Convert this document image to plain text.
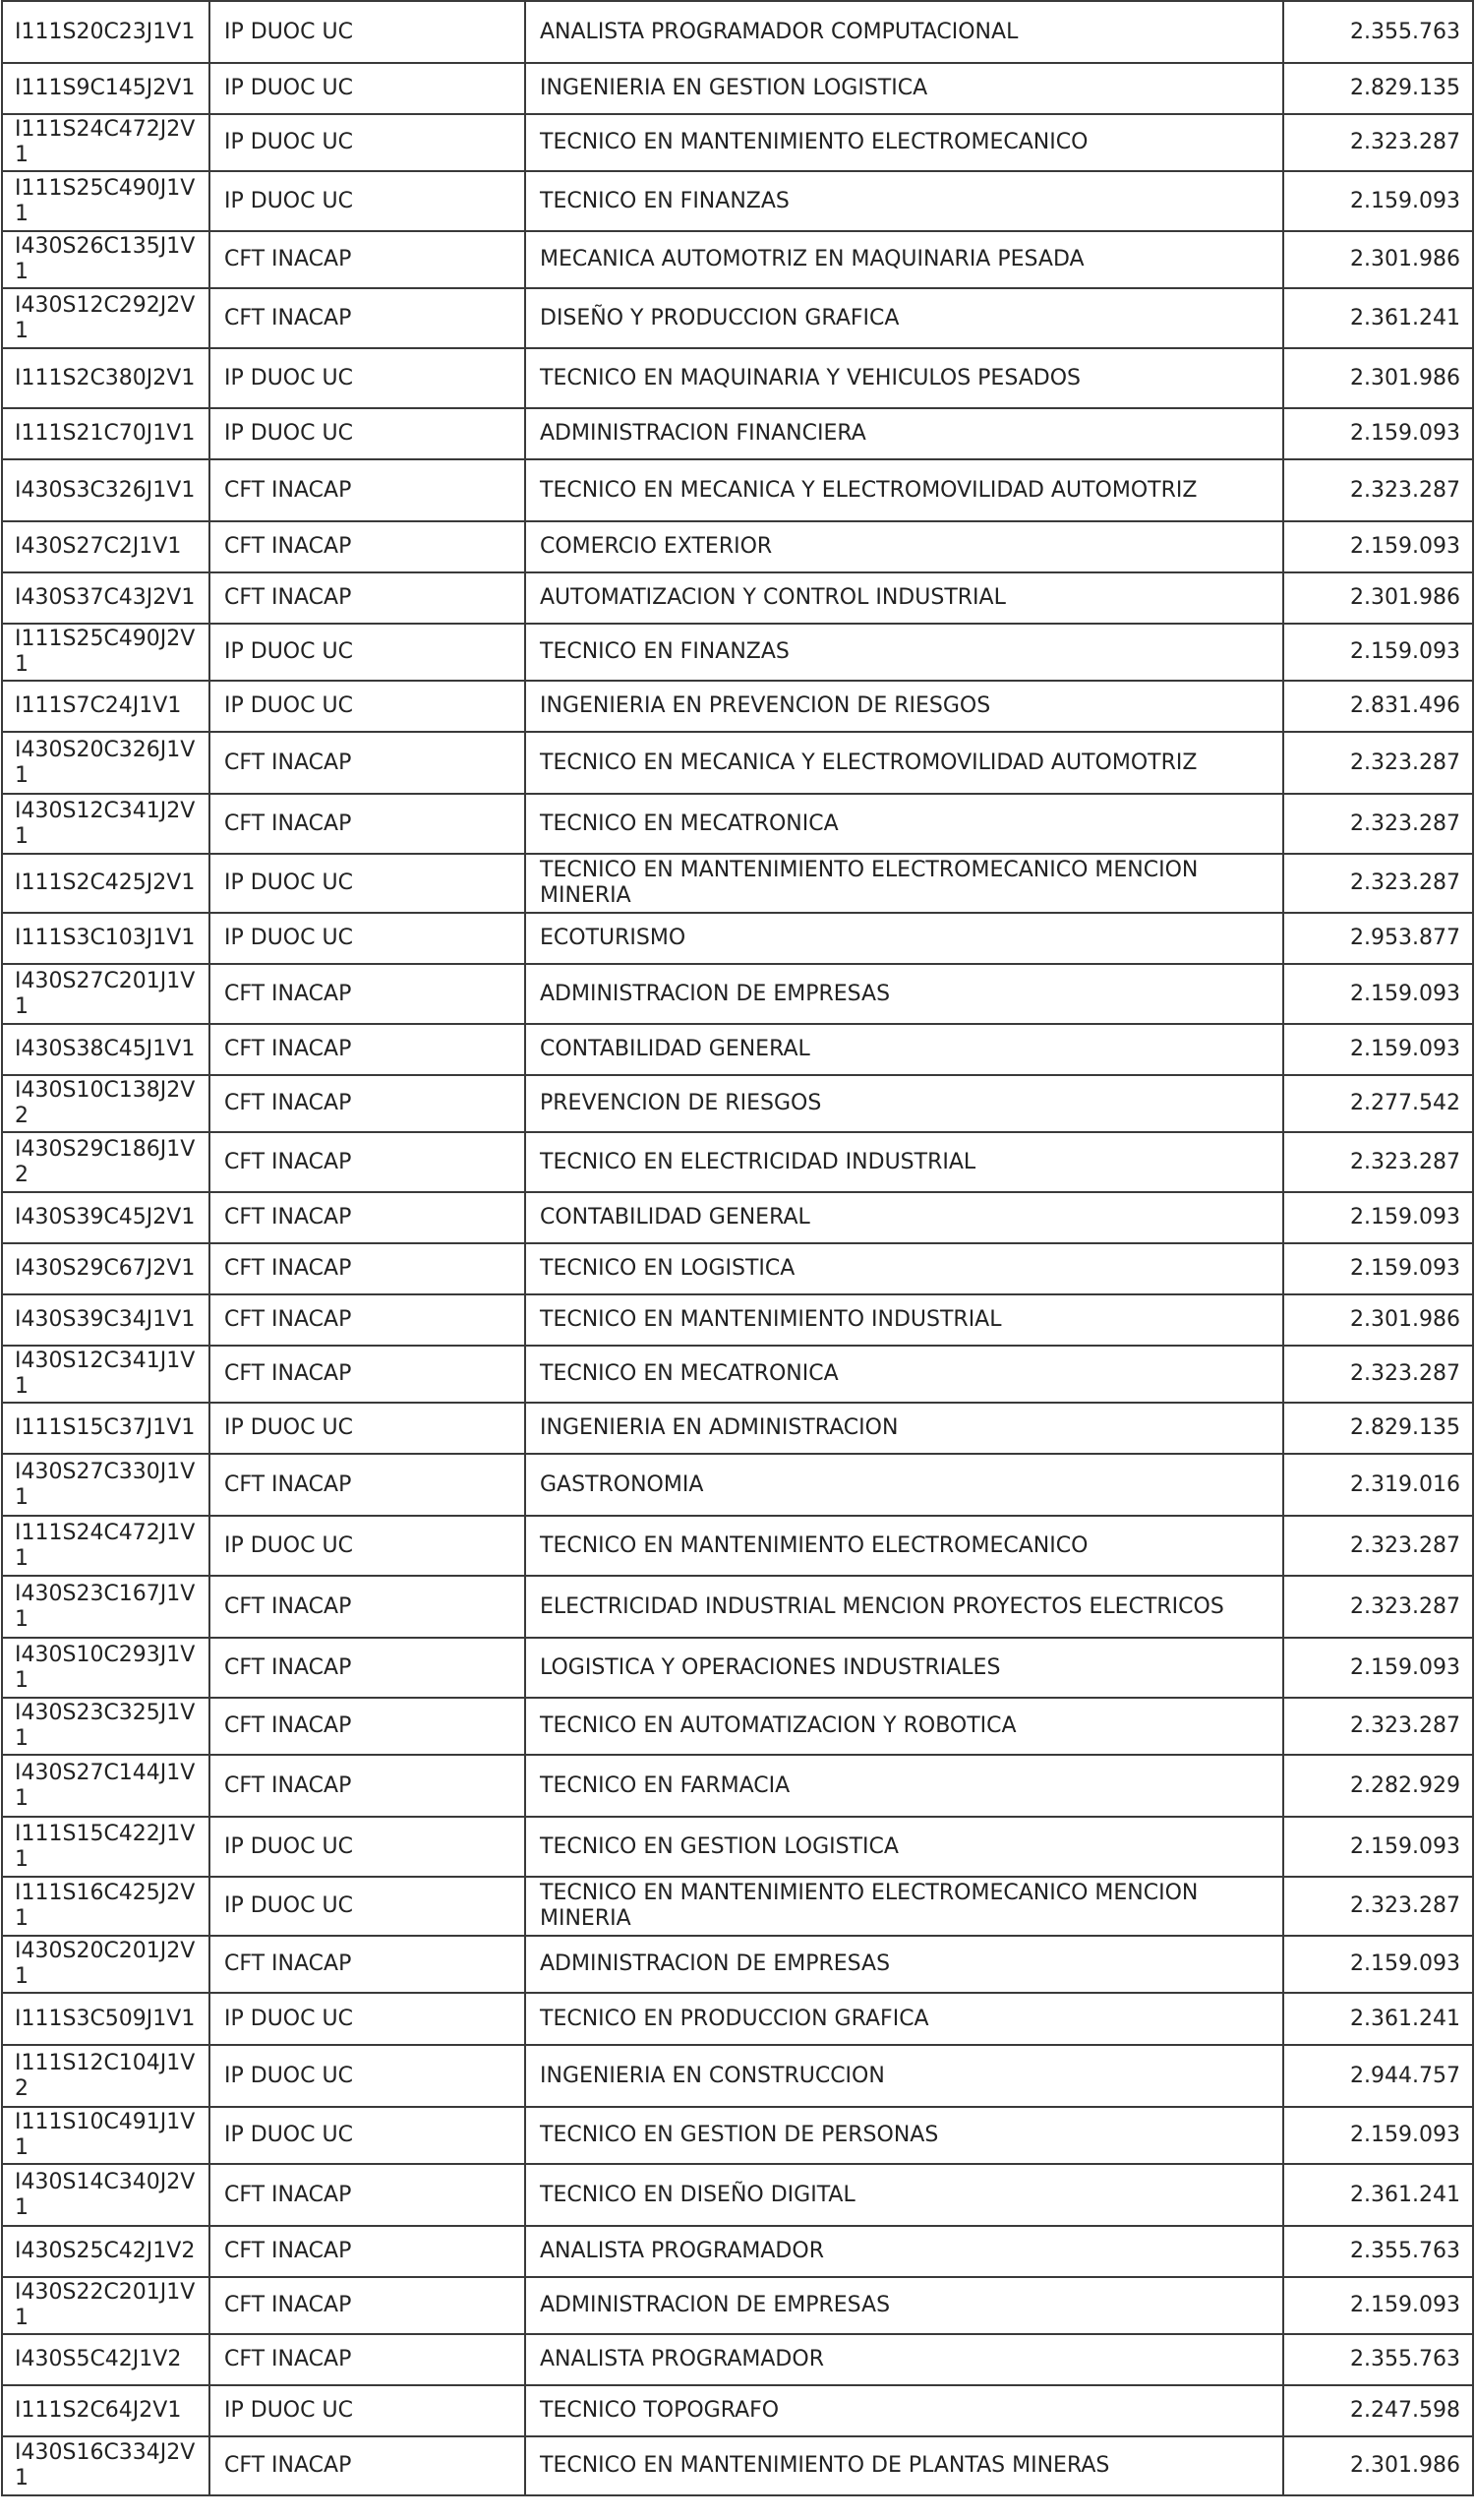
I111S20C23J1V1	IP DUOC UC	ANALISTA PROGRAMADOR COMPUTACIONAL	2.355.763
I111S9C145J2V1	IP DUOC UC	INGENIERIA EN GESTION LOGISTICA	2.829.135
I111S24C472J2V1	IP DUOC UC	TECNICO EN MANTENIMIENTO ELECTROMECANICO	2.323.287
I111S25C490J1V1	IP DUOC UC	TECNICO EN FINANZAS	2.159.093
I430S26C135J1V1	CFT INACAP	MECANICA AUTOMOTRIZ EN MAQUINARIA PESADA	2.301.986
I430S12C292J2V1	CFT INACAP	DISEÑO Y PRODUCCION GRAFICA	2.361.241
I111S2C380J2V1	IP DUOC UC	TECNICO EN MAQUINARIA Y VEHICULOS PESADOS	2.301.986
I111S21C70J1V1	IP DUOC UC	ADMINISTRACION FINANCIERA	2.159.093
I430S3C326J1V1	CFT INACAP	TECNICO EN MECANICA Y ELECTROMOVILIDAD AUTOMOTRIZ	2.323.287
I430S27C2J1V1	CFT INACAP	COMERCIO EXTERIOR	2.159.093
I430S37C43J2V1	CFT INACAP	AUTOMATIZACION Y CONTROL INDUSTRIAL	2.301.986
I111S25C490J2V1	IP DUOC UC	TECNICO EN FINANZAS	2.159.093
I111S7C24J1V1	IP DUOC UC	INGENIERIA EN PREVENCION DE RIESGOS	2.831.496
I430S20C326J1V1	CFT INACAP	TECNICO EN MECANICA Y ELECTROMOVILIDAD AUTOMOTRIZ	2.323.287
I430S12C341J2V1	CFT INACAP	TECNICO EN MECATRONICA	2.323.287
I111S2C425J2V1	IP DUOC UC	TECNICO EN MANTENIMIENTO ELECTROMECANICO MENCION MINERIA	2.323.287
I111S3C103J1V1	IP DUOC UC	ECOTURISMO	2.953.877
I430S27C201J1V1	CFT INACAP	ADMINISTRACION DE EMPRESAS	2.159.093
I430S38C45J1V1	CFT INACAP	CONTABILIDAD GENERAL	2.159.093
I430S10C138J2V2	CFT INACAP	PREVENCION DE RIESGOS	2.277.542
I430S29C186J1V2	CFT INACAP	TECNICO EN ELECTRICIDAD INDUSTRIAL	2.323.287
I430S39C45J2V1	CFT INACAP	CONTABILIDAD GENERAL	2.159.093
I430S29C67J2V1	CFT INACAP	TECNICO EN LOGISTICA	2.159.093
I430S39C34J1V1	CFT INACAP	TECNICO EN MANTENIMIENTO INDUSTRIAL	2.301.986
I430S12C341J1V1	CFT INACAP	TECNICO EN MECATRONICA	2.323.287
I111S15C37J1V1	IP DUOC UC	INGENIERIA EN ADMINISTRACION	2.829.135
I430S27C330J1V1	CFT INACAP	GASTRONOMIA	2.319.016
I111S24C472J1V1	IP DUOC UC	TECNICO EN MANTENIMIENTO ELECTROMECANICO	2.323.287
I430S23C167J1V1	CFT INACAP	ELECTRICIDAD INDUSTRIAL MENCION PROYECTOS ELECTRICOS	2.323.287
I430S10C293J1V1	CFT INACAP	LOGISTICA Y OPERACIONES INDUSTRIALES	2.159.093
I430S23C325J1V1	CFT INACAP	TECNICO EN AUTOMATIZACION Y ROBOTICA	2.323.287
I430S27C144J1V1	CFT INACAP	TECNICO EN FARMACIA	2.282.929
I111S15C422J1V1	IP DUOC UC	TECNICO EN GESTION LOGISTICA	2.159.093
I111S16C425J2V1	IP DUOC UC	TECNICO EN MANTENIMIENTO ELECTROMECANICO MENCION MINERIA	2.323.287
I430S20C201J2V1	CFT INACAP	ADMINISTRACION DE EMPRESAS	2.159.093
I111S3C509J1V1	IP DUOC UC	TECNICO EN PRODUCCION GRAFICA	2.361.241
I111S12C104J1V2	IP DUOC UC	INGENIERIA EN CONSTRUCCION	2.944.757
I111S10C491J1V1	IP DUOC UC	TECNICO EN GESTION DE PERSONAS	2.159.093
I430S14C340J2V1	CFT INACAP	TECNICO EN DISEÑO DIGITAL	2.361.241
I430S25C42J1V2	CFT INACAP	ANALISTA PROGRAMADOR	2.355.763
I430S22C201J1V1	CFT INACAP	ADMINISTRACION DE EMPRESAS	2.159.093
I430S5C42J1V2	CFT INACAP	ANALISTA PROGRAMADOR	2.355.763
I111S2C64J2V1	IP DUOC UC	TECNICO TOPOGRAFO	2.247.598
I430S16C334J2V1	CFT INACAP	TECNICO EN MANTENIMIENTO DE PLANTAS MINERAS	2.301.986
